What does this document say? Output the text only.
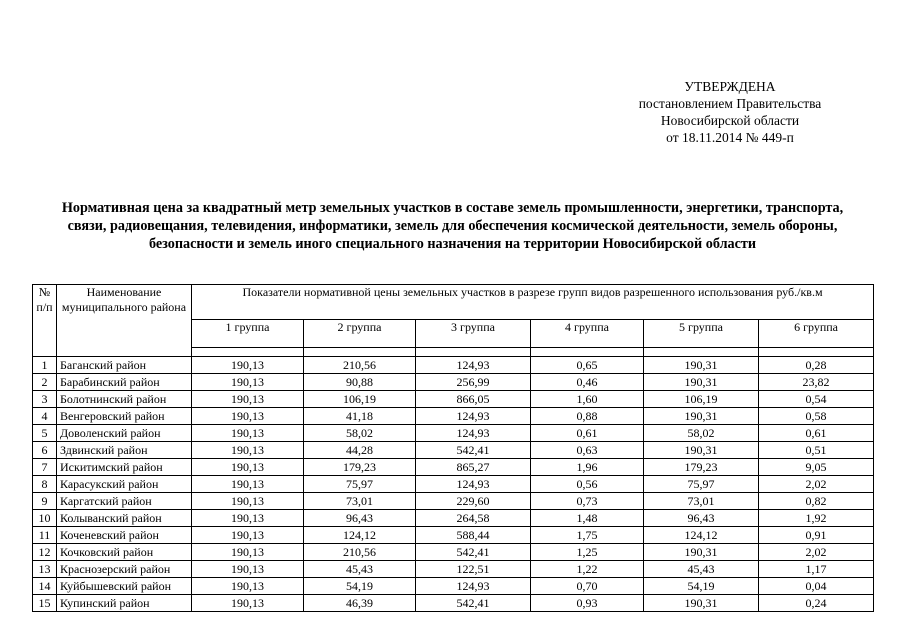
УТВЕРЖДЕНА
постановлением Правительства
Новосибирской области
от 18.11.2014 № 449-п
Нормативная цена за квадратный метр земельных участков в составе земель промышленности, энергетики, транспорта,
связи, радиовещания, телевидения, информатики, земель для обеспечения космической деятельности, земель обороны,
безопасности и земель иного специального назначения на территории Новосибирской области
№ п/п	Наименование муниципального района	Показатели нормативной цены земельных участков в разрезе групп видов разрешенного использования руб./кв.м					
		1 группа	2 группа	3 группа	4 группа	5 группа	6 группа

1	Баганский район	190,13	210,56	124,93	0,65	190,31	0,28
2	Барабинский район	190,13	90,88	256,99	0,46	190,31	23,82
3	Болотнинский район	190,13	106,19	866,05	1,60	106,19	0,54
4	Венгеровский район	190,13	41,18	124,93	0,88	190,31	0,58
5	Доволенский район	190,13	58,02	124,93	0,61	58,02	0,61
6	Здвинский район	190,13	44,28	542,41	0,63	190,31	0,51
7	Искитимский район	190,13	179,23	865,27	1,96	179,23	9,05
8	Карасукский район	190,13	75,97	124,93	0,56	75,97	2,02
9	Каргатский район	190,13	73,01	229,60	0,73	73,01	0,82
10	Колыванский район	190,13	96,43	264,58	1,48	96,43	1,92
11	Коченевский район	190,13	124,12	588,44	1,75	124,12	0,91
12	Кочковский район	190,13	210,56	542,41	1,25	190,31	2,02
13	Краснозерский район	190,13	45,43	122,51	1,22	45,43	1,17
14	Куйбышевский район	190,13	54,19	124,93	0,70	54,19	0,04
15	Купинский район	190,13	46,39	542,41	0,93	190,31	0,24
